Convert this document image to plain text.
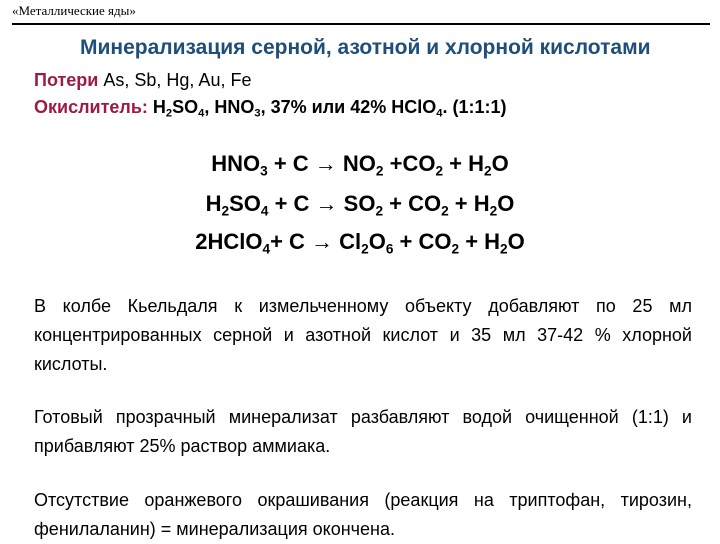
«Металлические яды»
Минерализация серной, азотной и хлорной кислотами
Потери As, Sb, Hg, Au, Fe
Окислитель: $H_2SO_4$, $HNO_3$, 37% или 42% HClO$_4$. (1:1:1)
$HNO_3 + C \to NO_2 +CO_2 + H_2O$
$H_2SO_4 + C \to SO_2 + CO_2 + H_2O$
2HClO$_4$+ $C \to Cl_2O_6 + CO_2 + H_2O$
В колбе Кьельдаля к измельченному объекту добавляют по 25 мл концентрированных серной и азотной кислот и 35 мл 37-42 % хлорной кислоты.
Готовый прозрачный минерализат разбавляют водой очищенной (1:1) и прибавляют 25% раствор аммиака.
Отсутствие оранжевого окрашивания (реакция на триптофан, тирозин, фенилаланин) = минерализация окончена.
